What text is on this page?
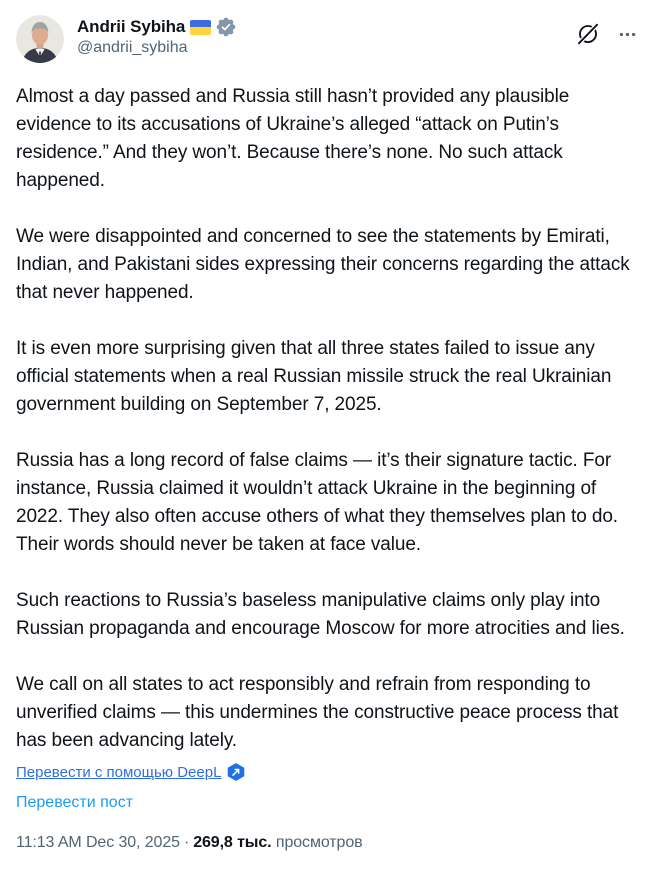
Andrii Sybiha
@andrii_sybiha

Almost a day passed and Russia still hasn’t provided any plausible evidence to its accusations of Ukraine’s alleged “attack on Putin’s residence.” And they won’t. Because there’s none. No such attack happened.

We were disappointed and concerned to see the statements by Emirati, Indian, and Pakistani sides expressing their concerns regarding the attack that never happened.

It is even more surprising given that all three states failed to issue any official statements when a real Russian missile struck the real Ukrainian government building on September 7, 2025.

Russia has a long record of false claims — it’s their signature tactic. For instance, Russia claimed it wouldn’t attack Ukraine in the beginning of 2022. They also often accuse others of what they themselves plan to do. Their words should never be taken at face value.

Such reactions to Russia’s baseless manipulative claims only play into Russian propaganda and encourage Moscow for more atrocities and lies.

We call on all states to act responsibly and refrain from responding to unverified claims — this undermines the constructive peace process that has been advancing lately.

Перевести с помощью DeepL
Перевести пост
11:13 AM Dec 30, 2025 · 269,8 тыс. просмотров
